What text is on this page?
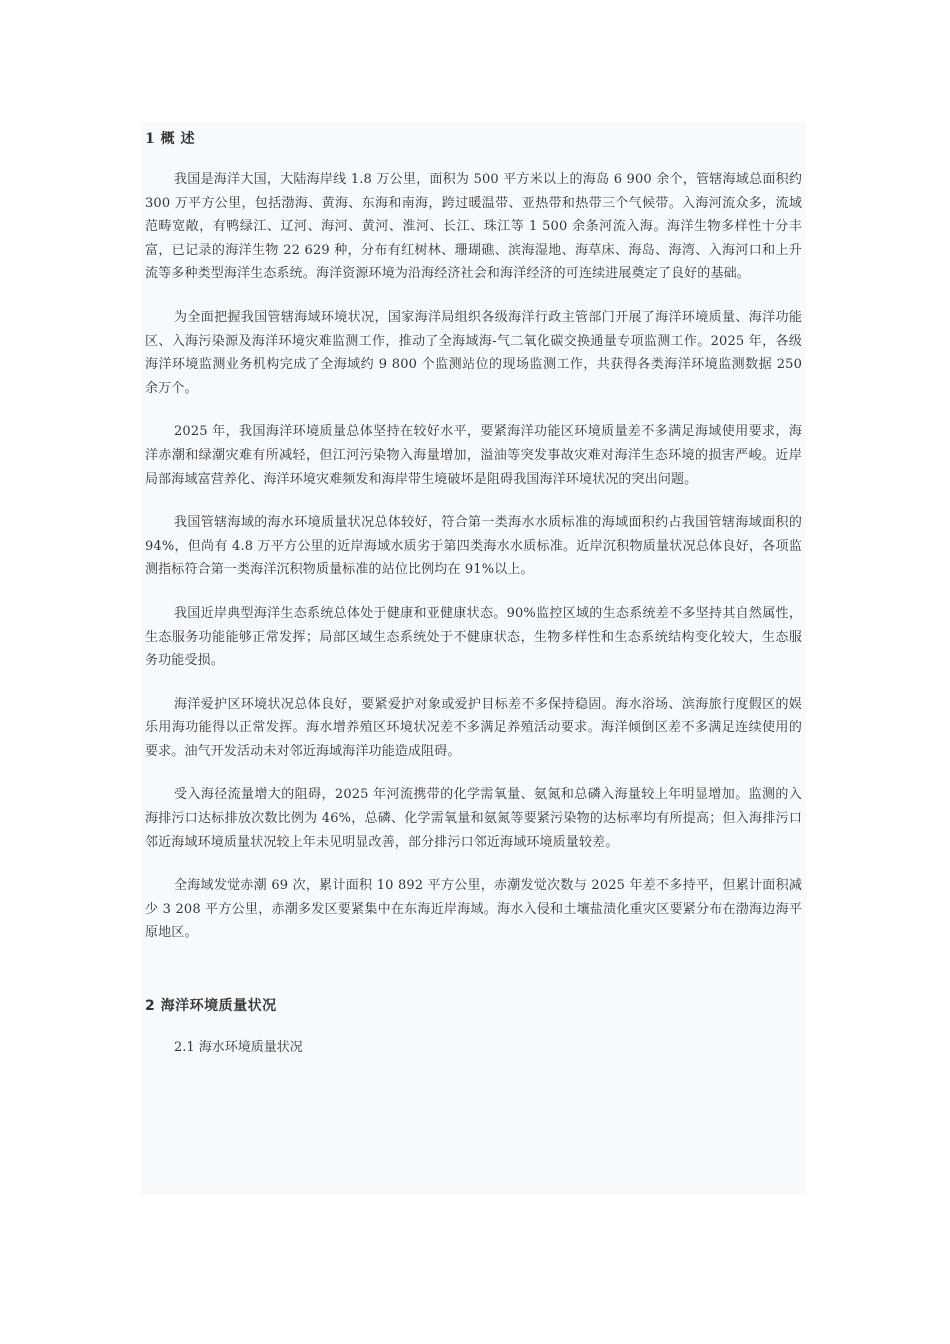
1 概 述

我国是海洋大国，大陆海岸线 1.8 万公里，面积为 500 平方米以上的海岛 6 900 余个，管辖海域总面积约 300 万平方公里，包括渤海、黄海、东海和南海，跨过暖温带、亚热带和热带三个气候带。入海河流众多，流域范畴宽敞，有鸭绿江、辽河、海河、黄河、淮河、长江、珠江等 1 500 余条河流入海。海洋生物多样性十分丰富，已记录的海洋生物 22 629 种，分布有红树林、珊瑚礁、滨海湿地、海草床、海岛、海湾、入海河口和上升流等多种类型海洋生态系统。海洋资源环境为沿海经济社会和海洋经济的可连续进展奠定了良好的基础。

为全面把握我国管辖海域环境状况，国家海洋局组织各级海洋行政主管部门开展了海洋环境质量、海洋功能区、入海污染源及海洋环境灾难监测工作，推动了全海域海-气二氧化碳交换通量专项监测工作。2025 年，各级海洋环境监测业务机构完成了全海域约 9 800 个监测站位的现场监测工作，共获得各类海洋环境监测数据 250 余万个。

2025 年，我国海洋环境质量总体坚持在较好水平，要紧海洋功能区环境质量差不多满足海域使用要求，海洋赤潮和绿潮灾难有所减轻，但江河污染物入海量增加，溢油等突发事故灾难对海洋生态环境的损害严峻。近岸局部海域富营养化、海洋环境灾难频发和海岸带生境破坏是阻碍我国海洋环境状况的突出问题。

我国管辖海域的海水环境质量状况总体较好，符合第一类海水水质标准的海域面积约占我国管辖海域面积的 94%，但尚有 4.8 万平方公里的近岸海域水质劣于第四类海水水质标准。近岸沉积物质量状况总体良好，各项监测指标符合第一类海洋沉积物质量标准的站位比例均在 91%以上。

我国近岸典型海洋生态系统总体处于健康和亚健康状态。90%监控区域的生态系统差不多坚持其自然属性，生态服务功能能够正常发挥；局部区域生态系统处于不健康状态，生物多样性和生态系统结构变化较大，生态服务功能受损。

海洋爱护区环境状况总体良好，要紧爱护对象或爱护目标差不多保持稳固。海水浴场、滨海旅行度假区的娱乐用海功能得以正常发挥。海水增养殖区环境状况差不多满足养殖活动要求。海洋倾倒区差不多满足连续使用的要求。油气开发活动未对邻近海域海洋功能造成阻碍。

受入海径流量增大的阻碍，2025 年河流携带的化学需氧量、氨氮和总磷入海量较上年明显增加。监测的入海排污口达标排放次数比例为 46%，总磷、化学需氧量和氨氮等要紧污染物的达标率均有所提高；但入海排污口邻近海域环境质量状况较上年未见明显改善，部分排污口邻近海域环境质量较差。

全海域发觉赤潮 69 次，累计面积 10 892 平方公里，赤潮发觉次数与 2025 年差不多持平，但累计面积减少 3 208 平方公里，赤潮多发区要紧集中在东海近岸海域。海水入侵和土壤盐渍化重灾区要紧分布在渤海边海平原地区。

2 海洋环境质量状况
2.1 海水环境质量状况
